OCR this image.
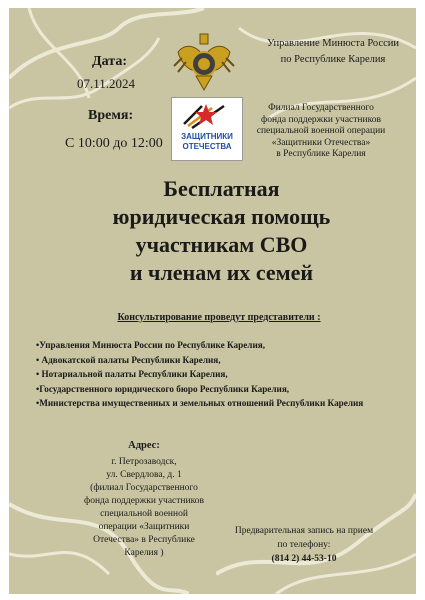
Дата:
07.11.2024
Время:
С 10:00 до 12:00
Управление Минюста России
по Республике Карелия
ЗАЩИТНИКИ
ОТЕЧЕСТВА
Филиал Государственного
фонда поддержки участников
специальной военной операции
«Защитники Отечества»
в Республике Карелия
Бесплатная
юридическая помощь
участникам СВО
и членам их семей
Консультирование проведут представители :
•Управления Минюста России по Республике Карелия,
• Адвокатской палаты Республики Карелия,
• Нотариальной палаты Республики Карелия,
•Государственного юридического бюро Республики Карелия,
•Министерства имущественных и земельных отношений Республики Карелия
Адрес:
г. Петрозаводск,
ул. Свердлова, д. 1
(филиал Государственного
фонда поддержки участников
специальной военной
операции «Защитники
Отечества» в Республике
Карелия )
Предварительная запись на прием
по телефону:
(814 2) 44-53-10
